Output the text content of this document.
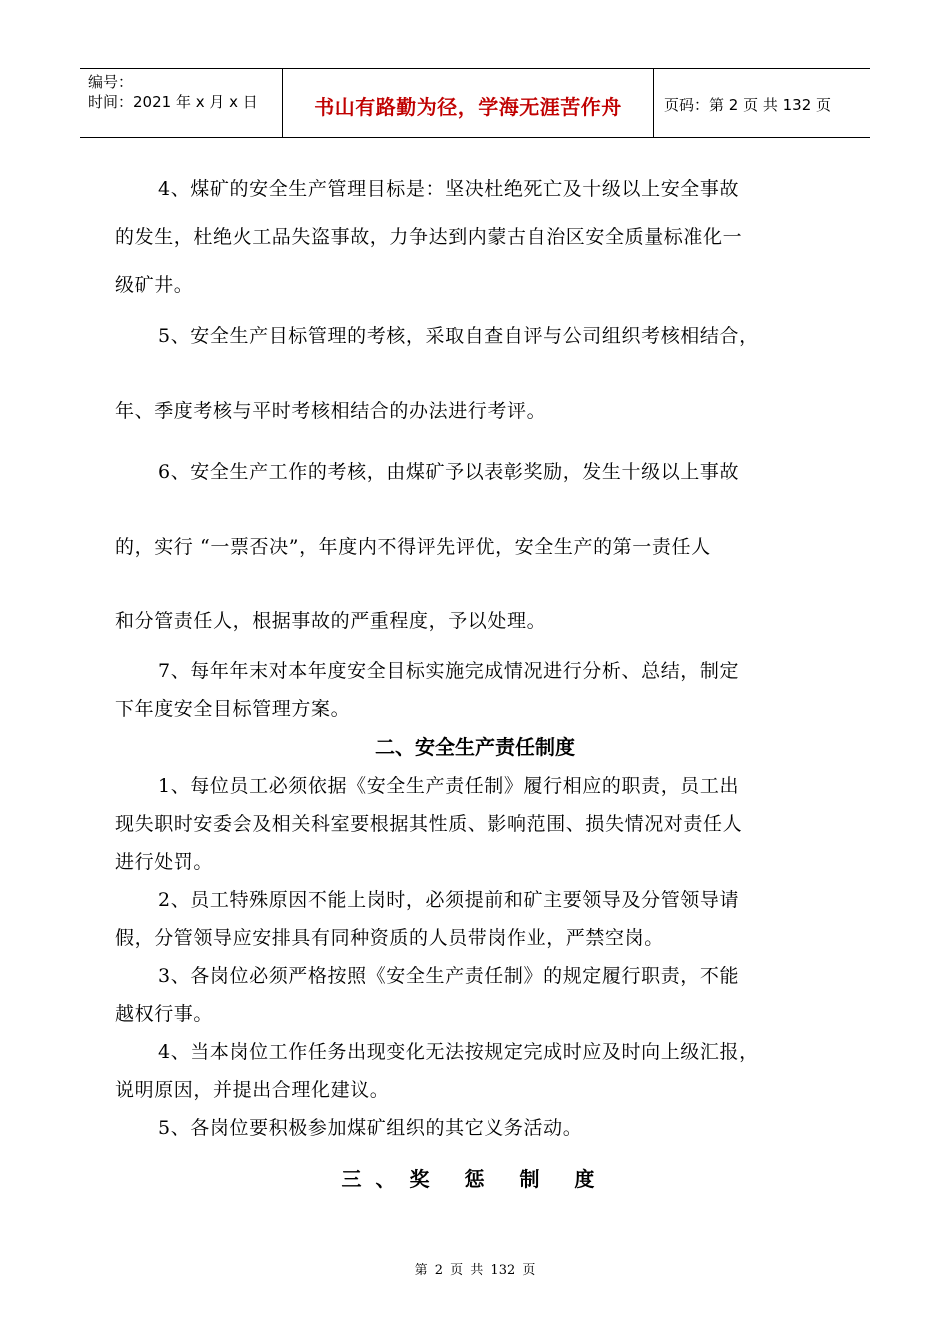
编号：
时间：2021 年 x 月 x 日	书山有路勤为径，学海无涯苦作舟	页码：第 2 页 共 132 页
4、煤矿的安全生产管理目标是：坚决杜绝死亡及十级以上安全事故
的发生，杜绝火工品失盗事故，力争达到内蒙古自治区安全质量标准化一
级矿井。
5、安全生产目标管理的考核，采取自查自评与公司组织考核相结合，
年、季度考核与平时考核相结合的办法进行考评。
6、安全生产工作的考核，由煤矿予以表彰奖励，发生十级以上事故
的，实行 “一票否决”，年度内不得评先评优，安全生产的第一责任人
和分管责任人，根据事故的严重程度，予以处理。
7、每年年末对本年度安全目标实施完成情况进行分析、总结，制定
下年度安全目标管理方案。
二、安全生产责任制度
1、每位员工必须依据《安全生产责任制》履行相应的职责，员工出
现失职时安委会及相关科室要根据其性质、影响范围、损失情况对责任人
进行处罚。
2、员工特殊原因不能上岗时，必须提前和矿主要领导及分管领导请
假，分管领导应安排具有同种资质的人员带岗作业，严禁空岗。
3、各岗位必须严格按照《安全生产责任制》的规定履行职责，不能
越权行事。
4、当本岗位工作任务出现变化无法按规定完成时应及时向上级汇报，
说明原因，并提出合理化建议。
5、各岗位要积极参加煤矿组织的其它义务活动。
三、奖 惩 制 度
第 2 页 共 132 页
